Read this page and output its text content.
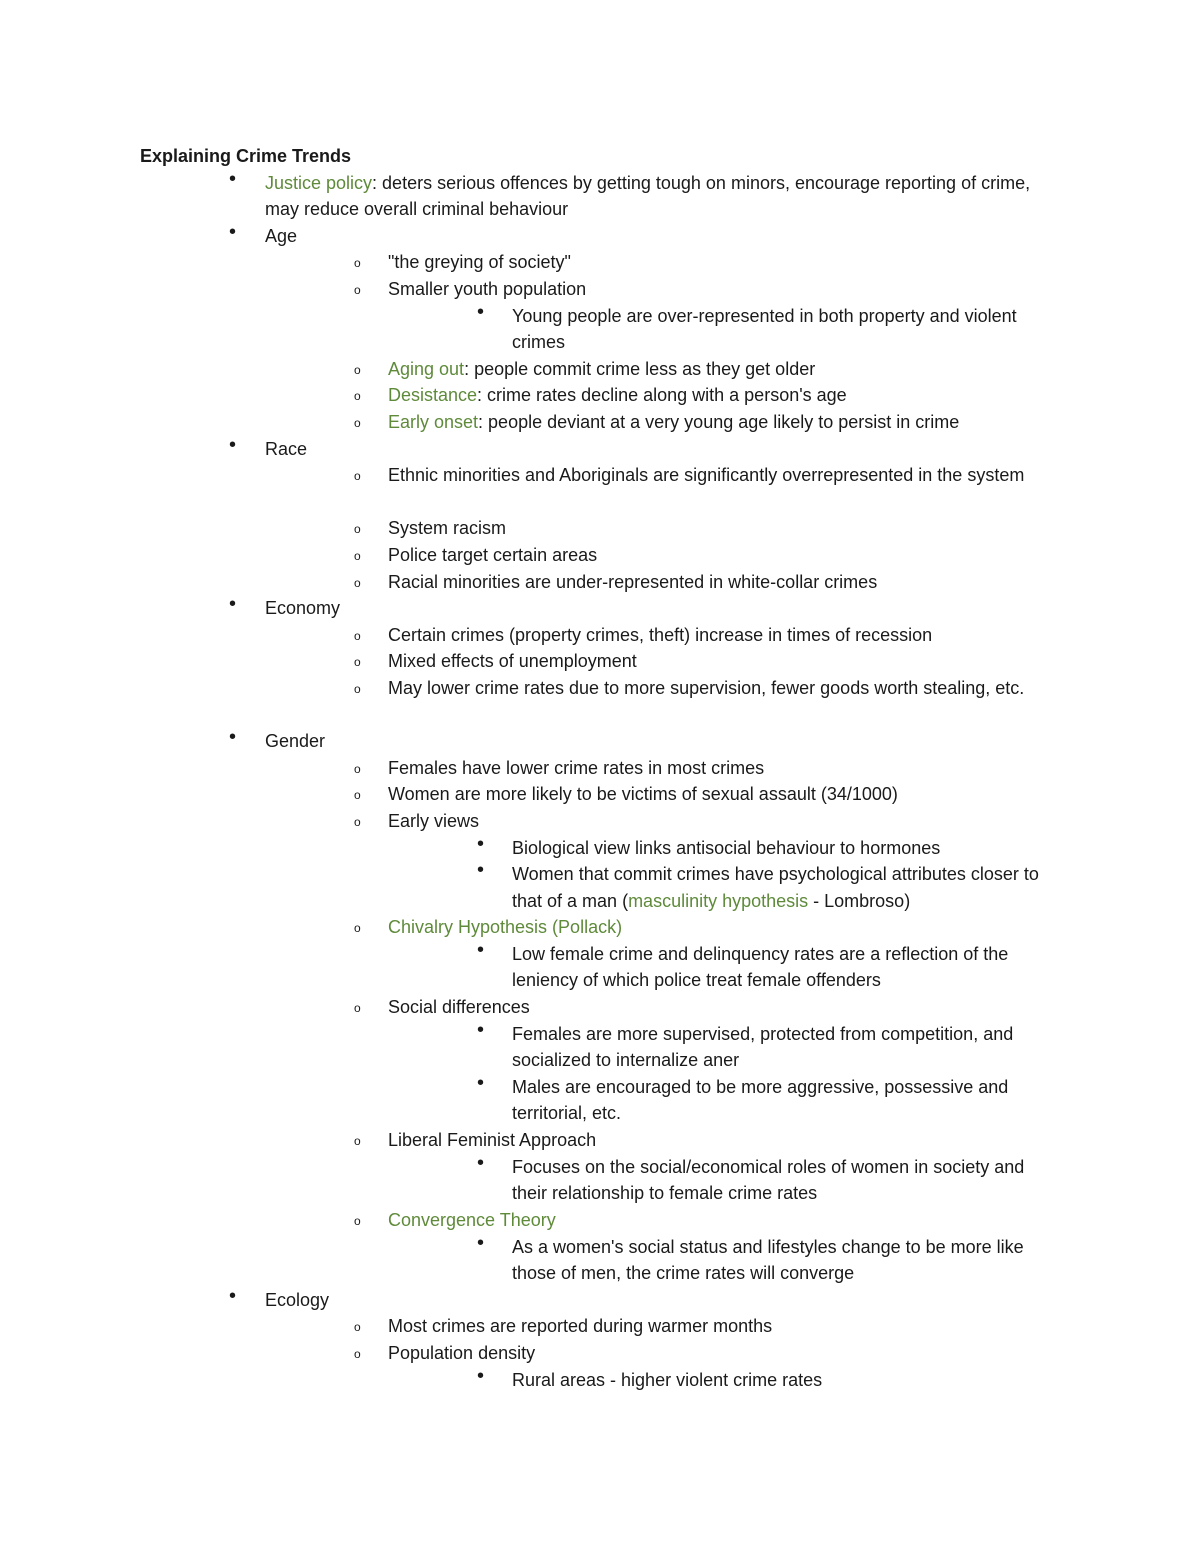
Explaining Crime Trends
• Justice policy: deters serious offences by getting tough on minors, encourage reporting of crime, may reduce overall criminal behaviour
• Age
o "the greying of society"
o Smaller youth population
• Young people are over-represented in both property and violent crimes
o Aging out: people commit crime less as they get older
o Desistance: crime rates decline along with a person's age
o Early onset: people deviant at a very young age likely to persist in crime
• Race
o Ethnic minorities and Aboriginals are significantly overrepresented in the system
o System racism
o Police target certain areas
o Racial minorities are under-represented in white-collar crimes
• Economy
o Certain crimes (property crimes, theft) increase in times of recession
o Mixed effects of unemployment
o May lower crime rates due to more supervision, fewer goods worth stealing, etc.
• Gender
o Females have lower crime rates in most crimes
o Women are more likely to be victims of sexual assault (34/1000)
o Early views
• Biological view links antisocial behaviour to hormones
• Women that commit crimes have psychological attributes closer to that of a man (masculinity hypothesis - Lombroso)
o Chivalry Hypothesis (Pollack)
• Low female crime and delinquency rates are a reflection of the leniency of which police treat female offenders
o Social differences
• Females are more supervised, protected from competition, and socialized to internalize aner
• Males are encouraged to be more aggressive, possessive and territorial, etc.
o Liberal Feminist Approach
• Focuses on the social/economical roles of women in society and their relationship to female crime rates
o Convergence Theory
• As a women's social status and lifestyles change to be more like those of men, the crime rates will converge
• Ecology
o Most crimes are reported during warmer months
o Population density
• Rural areas - higher violent crime rates
